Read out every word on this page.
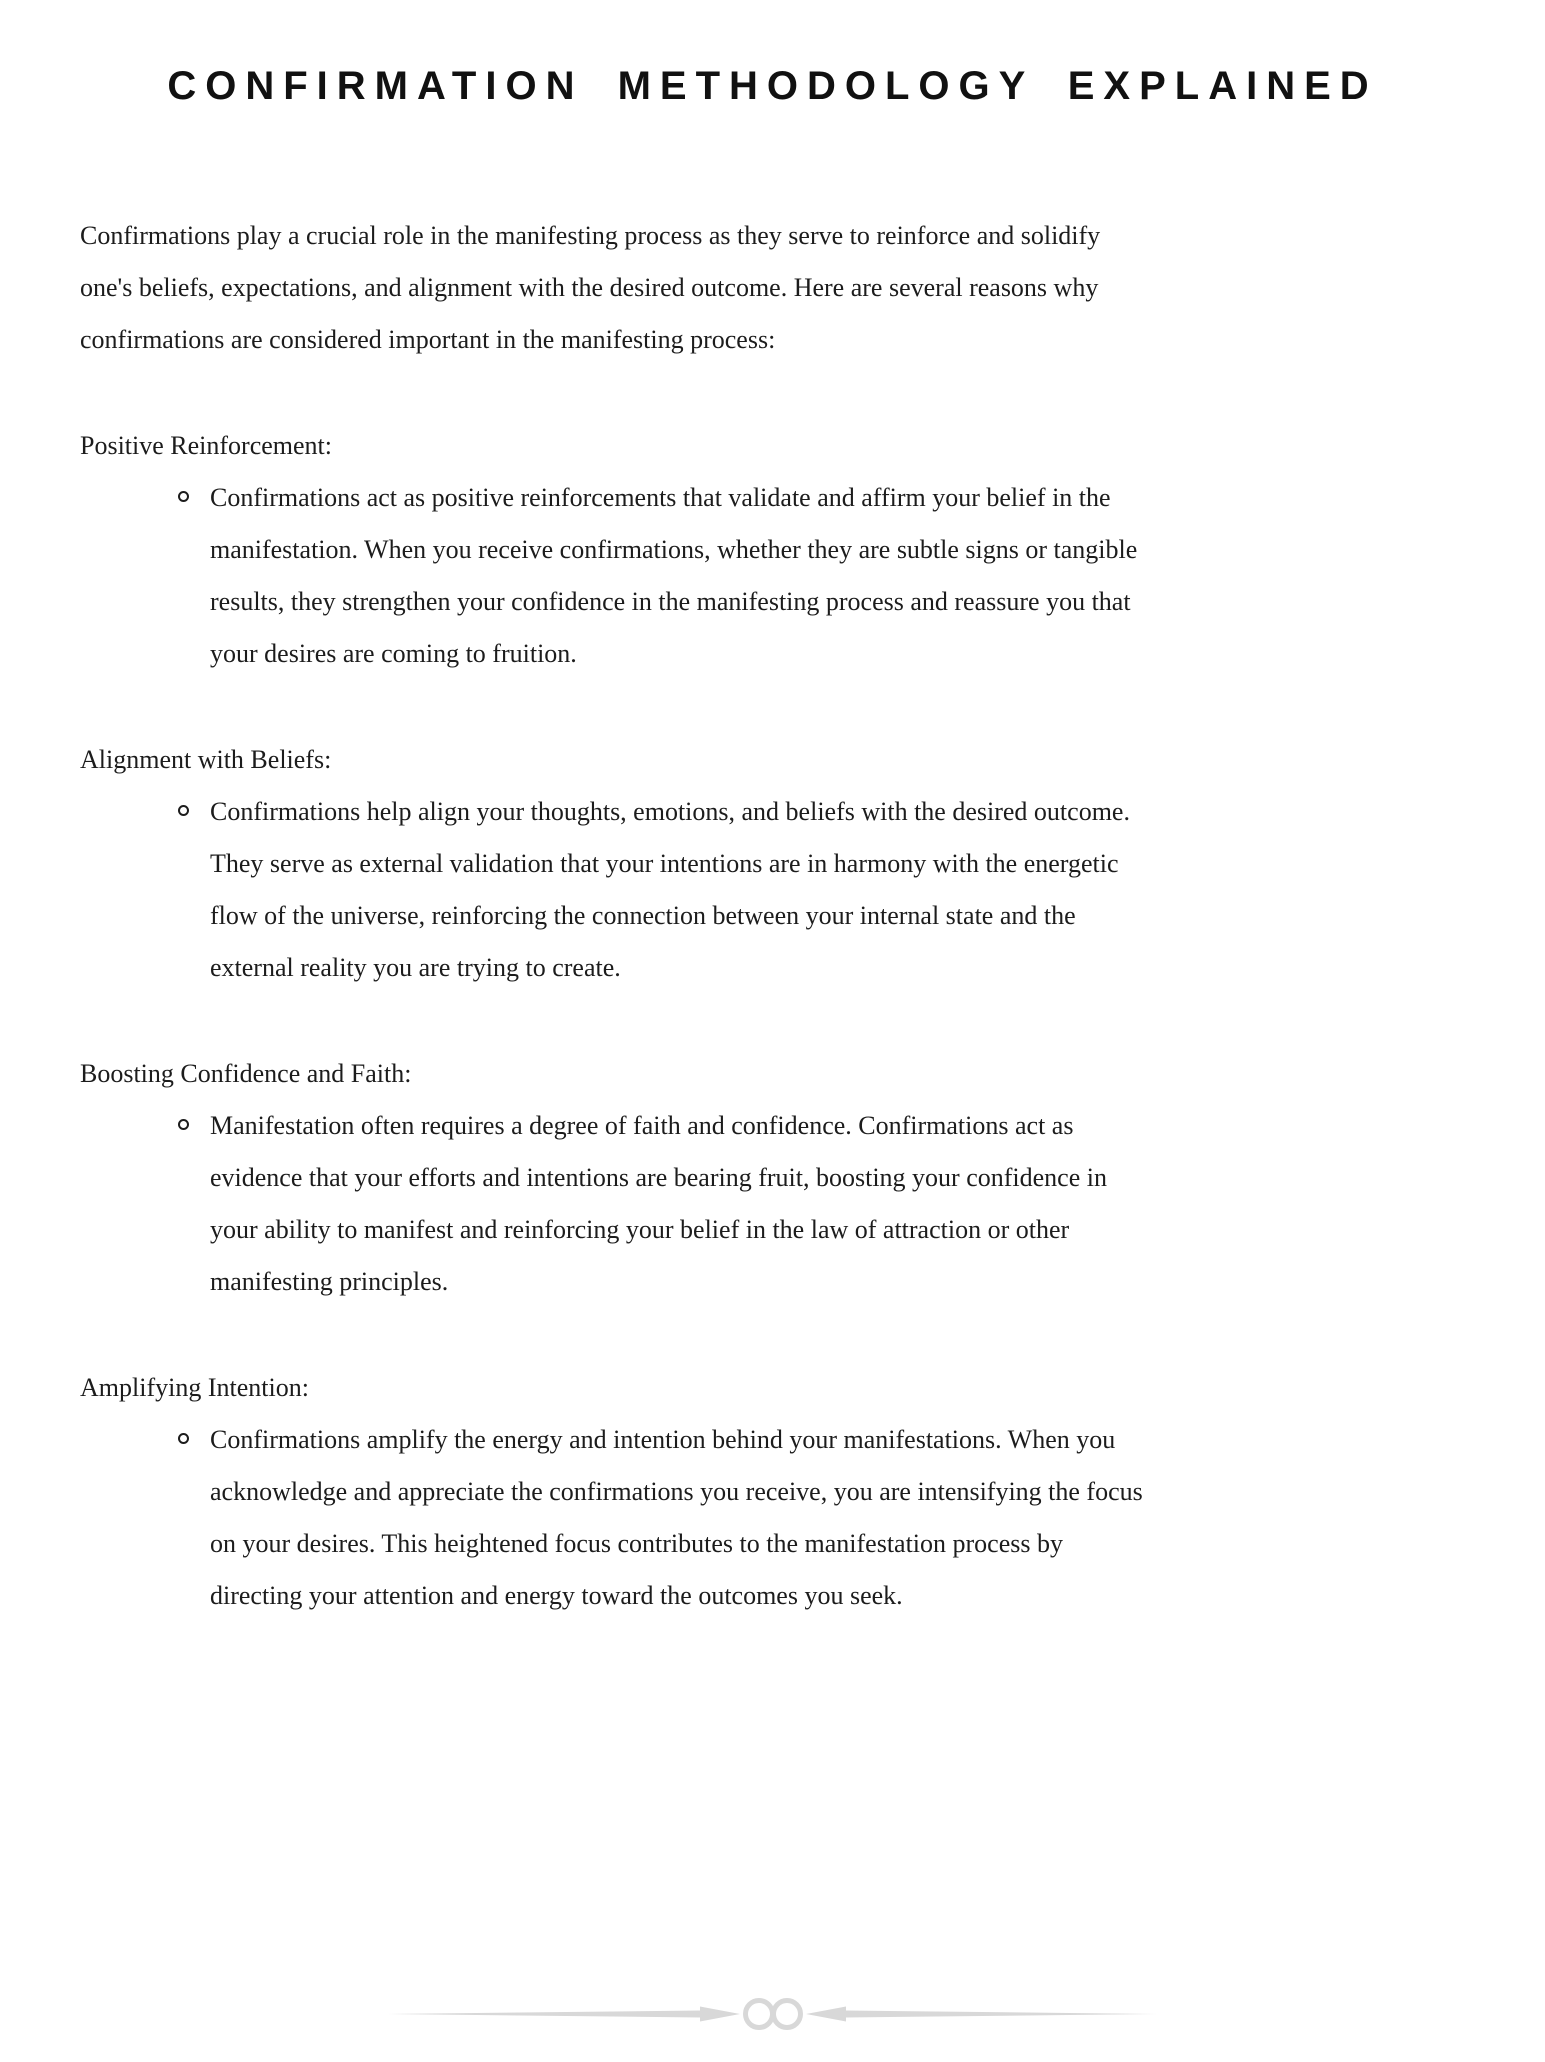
CONFIRMATION METHODOLOGY EXPLAINED

Confirmations play a crucial role in the manifesting process as they serve to reinforce and solidify one's beliefs, expectations, and alignment with the desired outcome. Here are several reasons why confirmations are considered important in the manifesting process:

Positive Reinforcement:
Confirmations act as positive reinforcements that validate and affirm your belief in the manifestation. When you receive confirmations, whether they are subtle signs or tangible results, they strengthen your confidence in the manifesting process and reassure you that your desires are coming to fruition.
Alignment with Beliefs:
Confirmations help align your thoughts, emotions, and beliefs with the desired outcome. They serve as external validation that your intentions are in harmony with the energetic flow of the universe, reinforcing the connection between your internal state and the external reality you are trying to create.
Boosting Confidence and Faith:
Manifestation often requires a degree of faith and confidence. Confirmations act as evidence that your efforts and intentions are bearing fruit, boosting your confidence in your ability to manifest and reinforcing your belief in the law of attraction or other manifesting principles.
Amplifying Intention:
Confirmations amplify the energy and intention behind your manifestations. When you acknowledge and appreciate the confirmations you receive, you are intensifying the focus on your desires. This heightened focus contributes to the manifestation process by directing your attention and energy toward the outcomes you seek.
